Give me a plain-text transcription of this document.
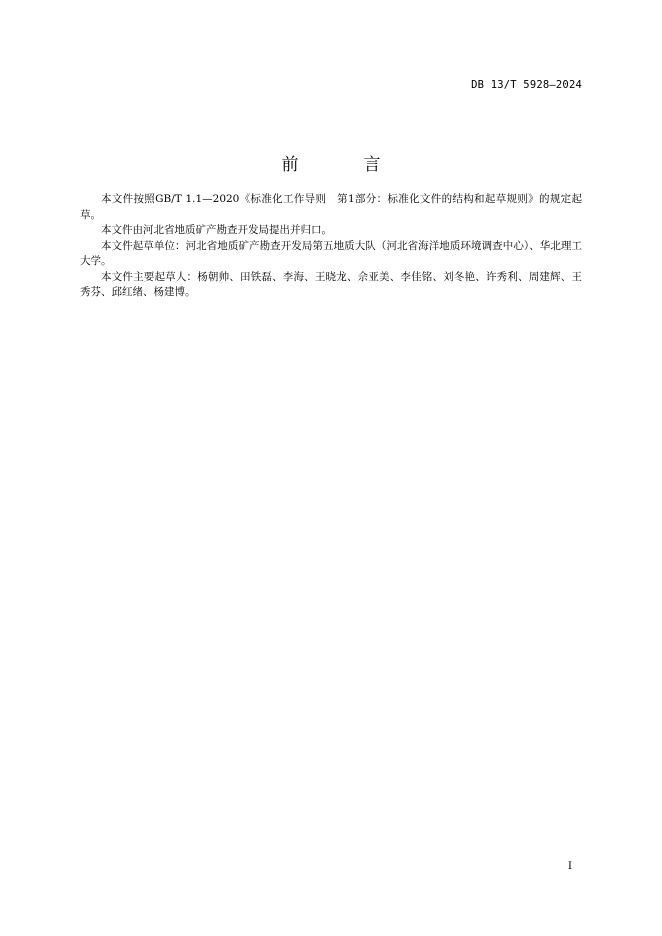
DB 13/T 5928—2024
前　言

本文件按照GB/T 1.1—2020《标准化工作导则　第1部分：标准化文件的结构和起草规则》的规定起草。

本文件由河北省地质矿产勘查开发局提出并归口。

本文件起草单位：河北省地质矿产勘查开发局第五地质大队（河北省海洋地质环境调查中心）、华北理工大学。

本文件主要起草人：杨朝帅、田铁磊、李海、王晓龙、佘亚美、李佳铭、刘冬艳、许秀利、周建辉、王秀芬、邱红绪、杨建博。

I
